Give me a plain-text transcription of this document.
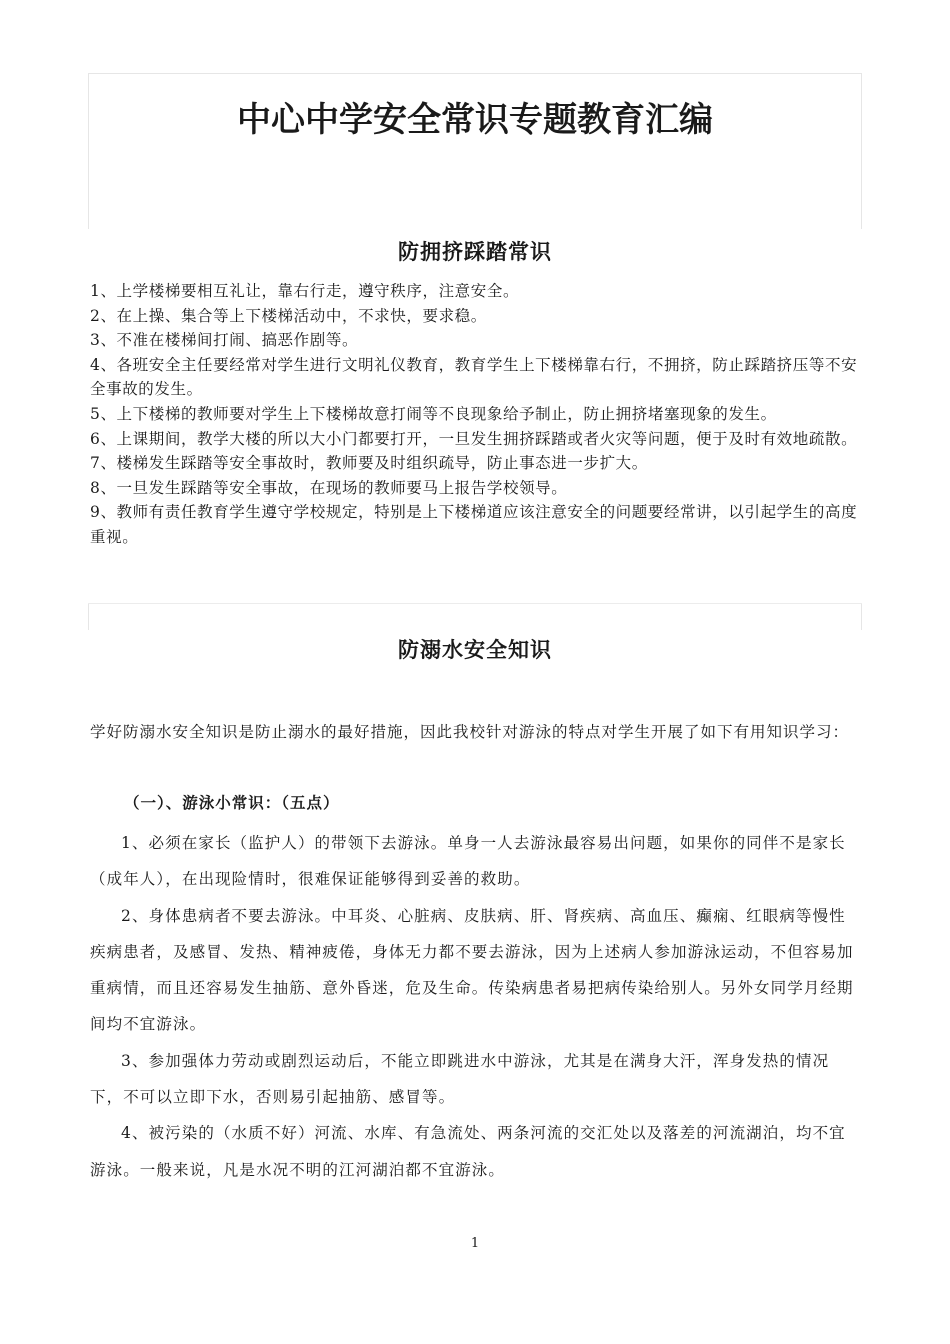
中心中学安全常识专题教育汇编
防拥挤踩踏常识
1、上学楼梯要相互礼让，靠右行走，遵守秩序，注意安全。
2、在上操、集合等上下楼梯活动中，不求快，要求稳。
3、不准在楼梯间打闹、搞恶作剧等。
4、各班安全主任要经常对学生进行文明礼仪教育，教育学生上下楼梯靠右行，不拥挤，防止踩踏挤压等不安全事故的发生。
5、上下楼梯的教师要对学生上下楼梯故意打闹等不良现象给予制止，防止拥挤堵塞现象的发生。
6、上课期间，教学大楼的所以大小门都要打开，一旦发生拥挤踩踏或者火灾等问题，便于及时有效地疏散。
7、楼梯发生踩踏等安全事故时，教师要及时组织疏导，防止事态进一步扩大。
8、一旦发生踩踏等安全事故，在现场的教师要马上报告学校领导。
9、教师有责任教育学生遵守学校规定，特别是上下楼梯道应该注意安全的问题要经常讲，以引起学生的高度重视。
防溺水安全知识

学好防溺水安全知识是防止溺水的最好措施，因此我校针对游泳的特点对学生开展了如下有用知识学习：

（一）、游泳小常识：（五点）

1、必须在家长（监护人）的带领下去游泳。单身一人去游泳最容易出问题，如果你的同伴不是家长（成年人），在出现险情时，很难保证能够得到妥善的救助。
2、身体患病者不要去游泳。中耳炎、心脏病、皮肤病、肝、肾疾病、高血压、癫痫、红眼病等慢性疾病患者，及感冒、发热、精神疲倦，身体无力都不要去游泳，因为上述病人参加游泳运动，不但容易加重病情，而且还容易发生抽筋、意外昏迷，危及生命。传染病患者易把病传染给别人。另外女同学月经期间均不宜游泳。
3、参加强体力劳动或剧烈运动后，不能立即跳进水中游泳，尤其是在满身大汗，浑身发热的情况下，不可以立即下水，否则易引起抽筋、感冒等。
4、被污染的（水质不好）河流、水库、有急流处、两条河流的交汇处以及落差的河流湖泊，均不宜游泳。一般来说，凡是水况不明的江河湖泊都不宜游泳。

1
